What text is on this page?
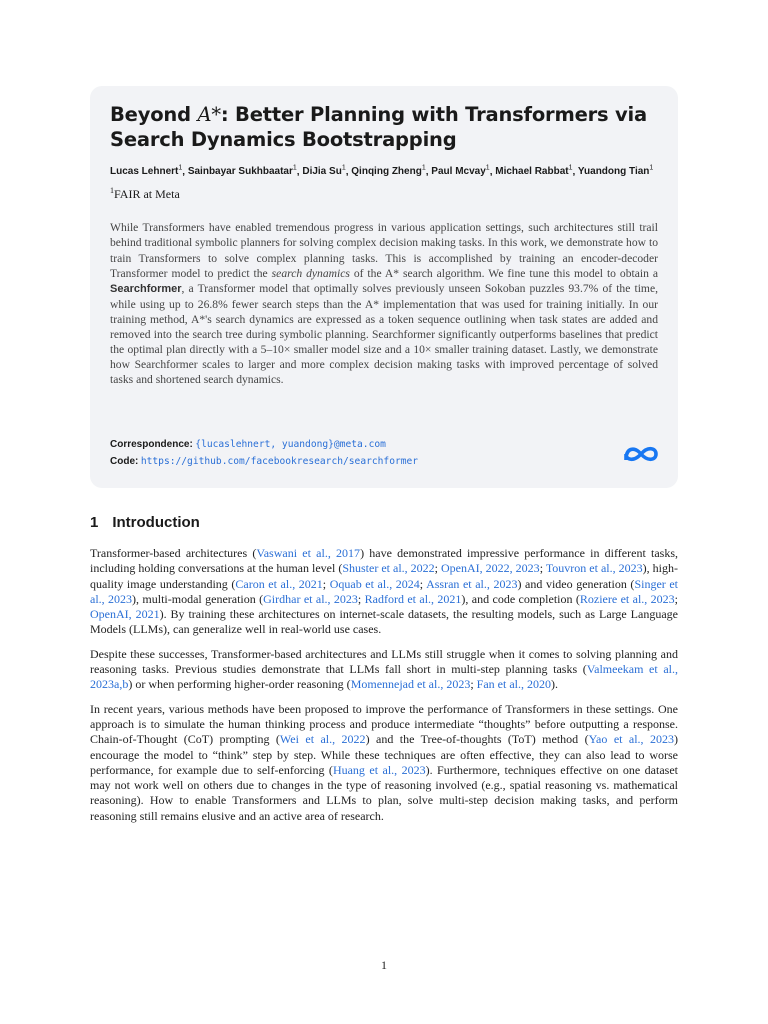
Beyond A*: Better Planning with Transformers via Search Dynamics Bootstrapping
Lucas Lehnert$^1$, Sainbayar Sukhbaatar$^1$, DiJia Su$^1$, Qinqing Zheng$^1$, Paul Mcvay$^1$, Michael Rabbat$^1$, Yuandong Tian$^1$
$^1$FAIR at Meta
While Transformers have enabled tremendous progress in various application settings, such architectures still trail behind traditional symbolic planners for solving complex decision making tasks. In this work, we demonstrate how to train Transformers to solve complex planning tasks. This is accomplished by training an encoder-decoder Transformer model to predict the search dynamics of the A* search algorithm. We fine tune this model to obtain a Searchformer, a Transformer model that optimally solves previously unseen Sokoban puzzles 93.7% of the time, while using up to 26.8% fewer search steps than the A* implementation that was used for training initially. In our training method, A*'s search dynamics are expressed as a token sequence outlining when task states are added and removed into the search tree during symbolic planning. Searchformer significantly outperforms baselines that predict the optimal plan directly with a 5–10× smaller model size and a 10× smaller training dataset. Lastly, we demonstrate how Searchformer scales to larger and more complex decision making tasks with improved percentage of solved tasks and shortened search dynamics.
Correspondence: {lucaslehnert, yuandong}@meta.com
Code: https://github.com/facebookresearch/searchformer
1 Introduction

Transformer-based architectures (Vaswani et al., 2017) have demonstrated impressive performance in different tasks, including holding conversations at the human level (Shuster et al., 2022; OpenAI, 2022, 2023; Touvron et al., 2023), high-quality image understanding (Caron et al., 2021; Oquab et al., 2024; Assran et al., 2023) and video generation (Singer et al., 2023), multi-modal generation (Girdhar et al., 2023; Radford et al., 2021), and code completion (Roziere et al., 2023; OpenAI, 2021). By training these architectures on internet-scale datasets, the resulting models, such as Large Language Models (LLMs), can generalize well in real-world use cases.

Despite these successes, Transformer-based architectures and LLMs still struggle when it comes to solving planning and reasoning tasks. Previous studies demonstrate that LLMs fall short in multi-step planning tasks (Valmeekam et al., 2023a,b) or when performing higher-order reasoning (Momennejad et al., 2023; Fan et al., 2020).

In recent years, various methods have been proposed to improve the performance of Transformers in these settings. One approach is to simulate the human thinking process and produce intermediate “thoughts” before outputting a response. Chain-of-Thought (CoT) prompting (Wei et al., 2022) and the Tree-of-thoughts (ToT) method (Yao et al., 2023) encourage the model to “think” step by step. While these techniques are often effective, they can also lead to worse performance, for example due to self-enforcing (Huang et al., 2023). Furthermore, techniques effective on one dataset may not work well on others due to changes in the type of reasoning involved (e.g., spatial reasoning vs. mathematical reasoning). How to enable Transformers and LLMs to plan, solve multi-step decision making tasks, and perform reasoning still remains elusive and an active area of research.

1
